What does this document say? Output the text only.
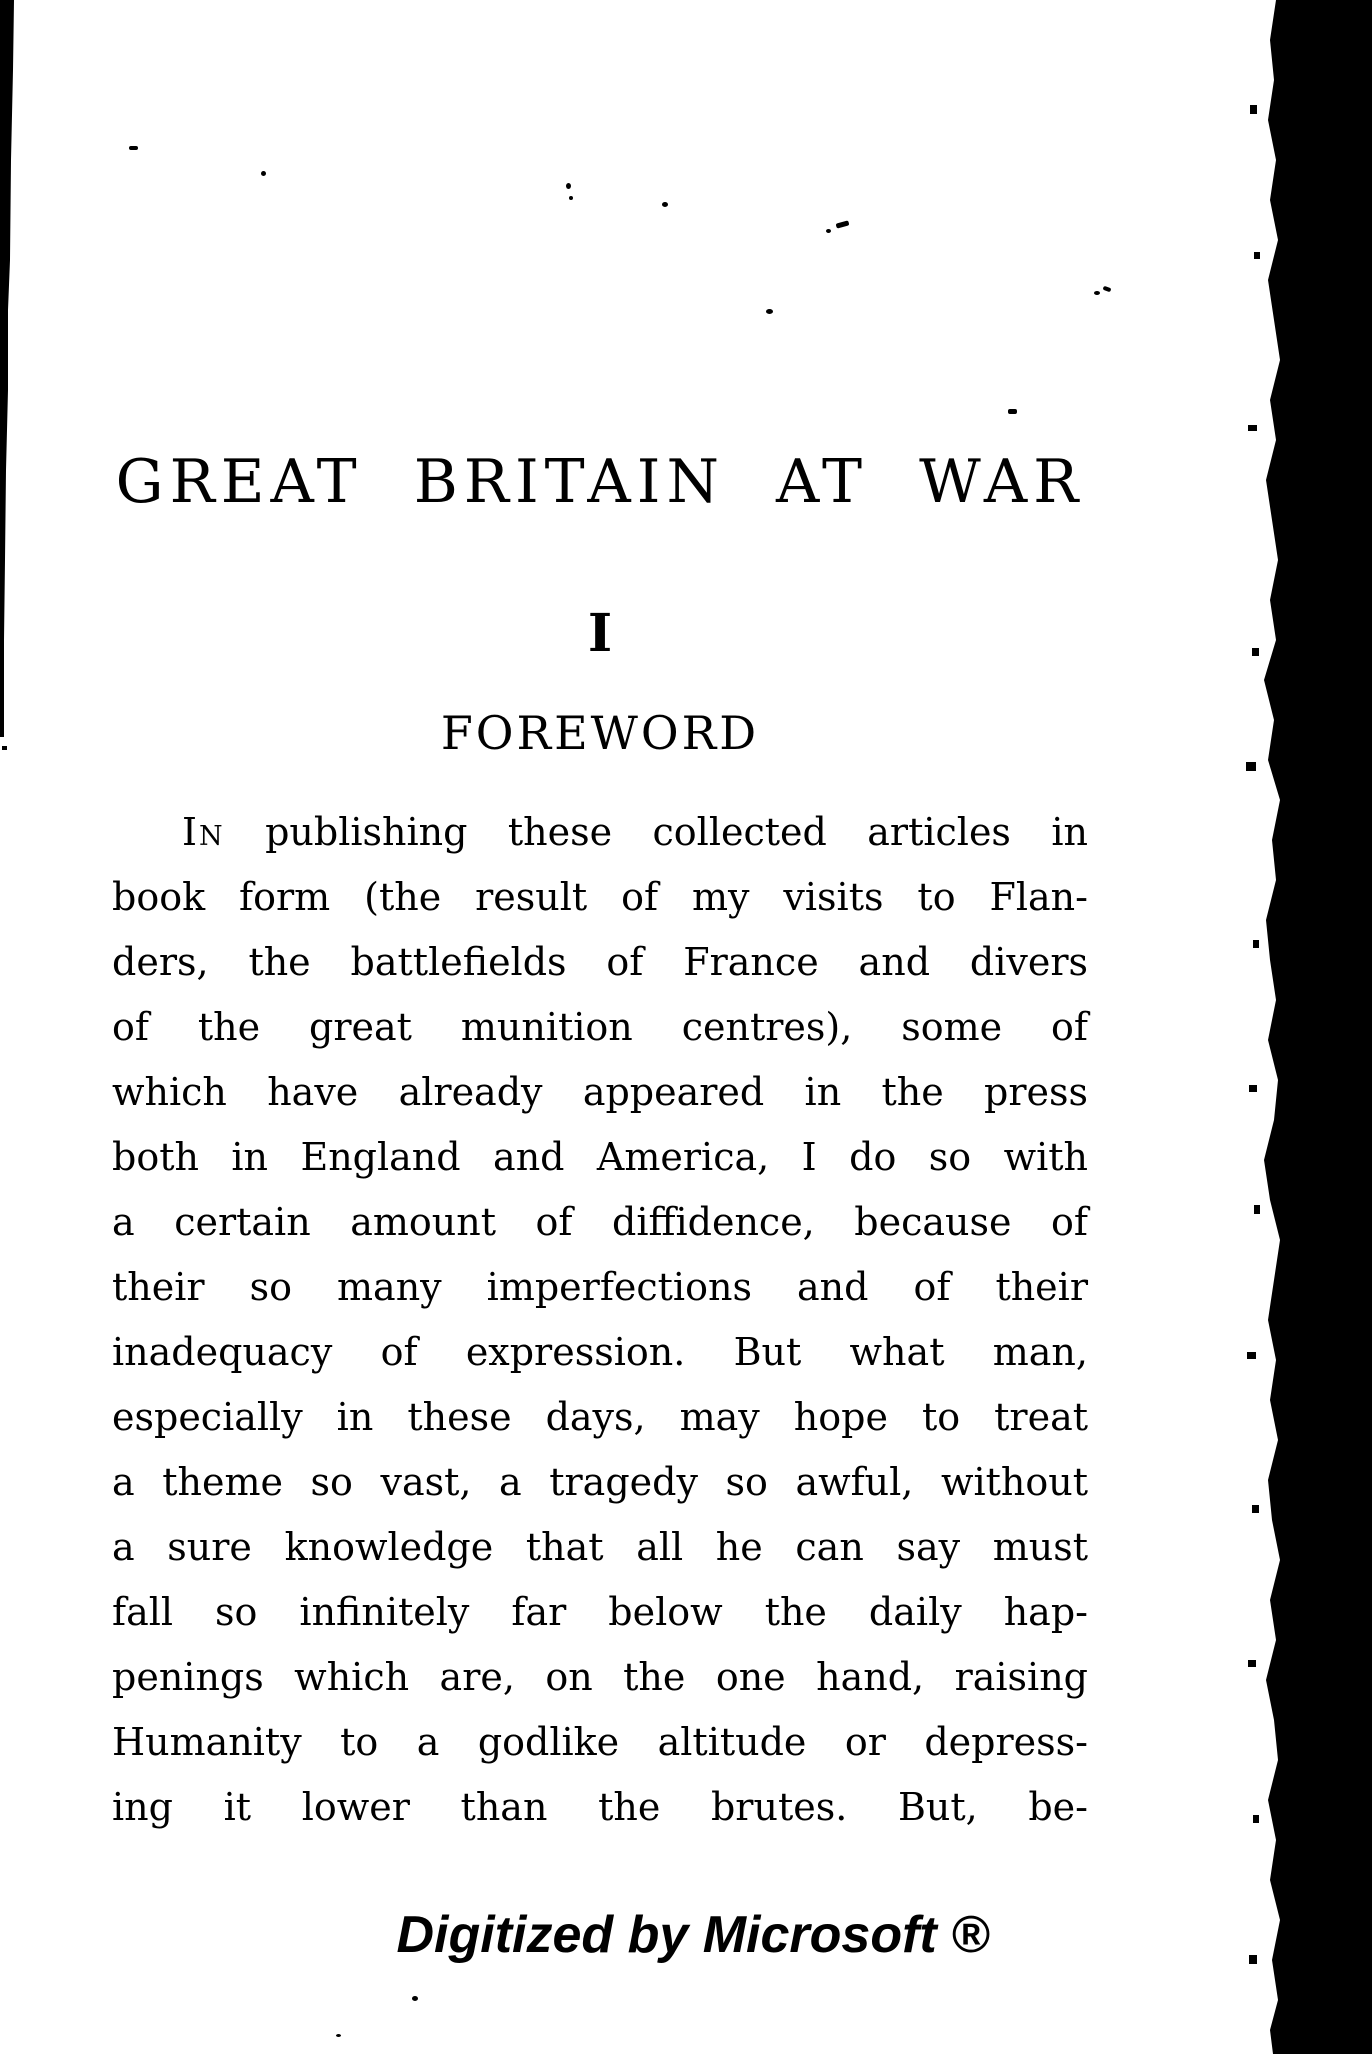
GREAT BRITAIN AT WAR
I
FOREWORD
In publishing these collected articles in
book form (the result of my visits to Flan-
ders, the battlefields of France and divers
of the great munition centres), some of
which have already appeared in the press
both in England and America, I do so with
a certain amount of diffidence, because of
their so many imperfections and of their
inadequacy of expression. But what man,
especially in these days, may hope to treat
a theme so vast, a tragedy so awful, without
a sure knowledge that all he can say must
fall so infinitely far below the daily hap-
penings which are, on the one hand, raising
Humanity to a godlike altitude or depress-
ing it lower than the brutes. But, be-
Digitized by Microsoft ®
